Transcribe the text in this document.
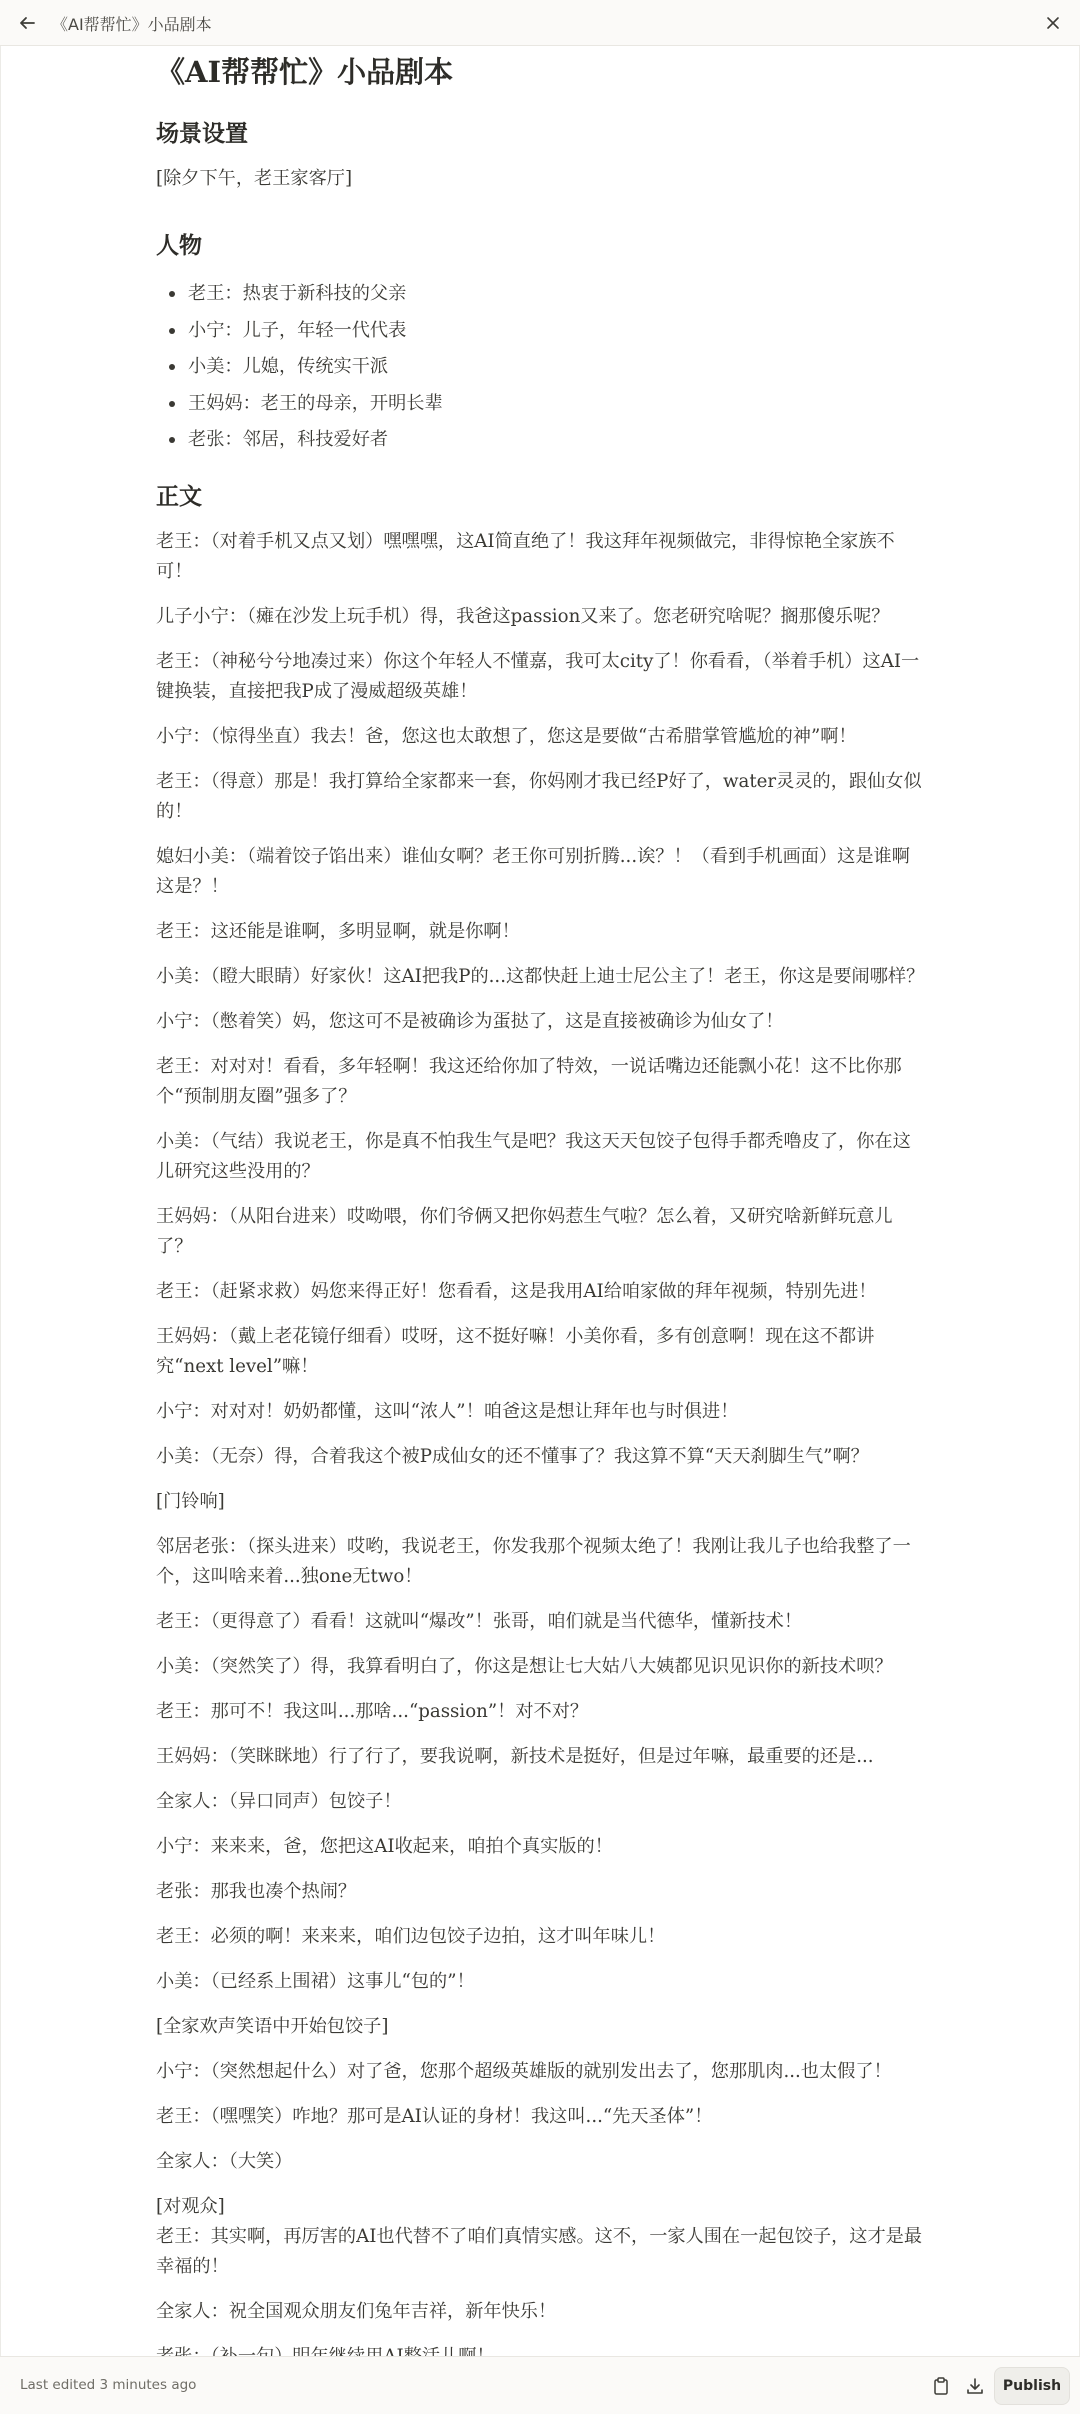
《AI帮帮忙》小品剧本
《AI帮帮忙》小品剧本
场景设置

[除夕下午，老王家客厅]

人物
老王：热衷于新科技的父亲
小宁：儿子，年轻一代代表
小美：儿媳，传统实干派
王妈妈：老王的母亲，开明长辈
老张：邻居，科技爱好者
正文

老王：（对着手机又点又划）嘿嘿嘿，这AI简直绝了！我这拜年视频做完，非得惊艳全家族不可！

儿子小宁：（瘫在沙发上玩手机）得，我爸这passion又来了。您老研究啥呢？搁那傻乐呢？

老王：（神秘兮兮地凑过来）你这个年轻人不懂嘉，我可太city了！你看看，（举着手机）这AI一键换装，直接把我P成了漫威超级英雄！

小宁：（惊得坐直）我去！爸，您这也太敢想了，您这是要做“古希腊掌管尴尬的神”啊！

老王：（得意）那是！我打算给全家都来一套，你妈刚才我已经P好了，water灵灵的，跟仙女似的！

媳妇小美：（端着饺子馅出来）谁仙女啊？老王你可别折腾...诶？！（看到手机画面）这是谁啊这是？！

老王：这还能是谁啊，多明显啊，就是你啊！

小美：（瞪大眼睛）好家伙！这AI把我P的...这都快赶上迪士尼公主了！老王，你这是要闹哪样？

小宁：（憋着笑）妈，您这可不是被确诊为蛋挞了，这是直接被确诊为仙女了！

老王：对对对！看看，多年轻啊！我这还给你加了特效，一说话嘴边还能飘小花！这不比你那个“预制朋友圈”强多了？

小美：（气结）我说老王，你是真不怕我生气是吧？我这天天包饺子包得手都秃噜皮了，你在这儿研究这些没用的？

王妈妈：（从阳台进来）哎呦喂，你们爷俩又把你妈惹生气啦？怎么着，又研究啥新鲜玩意儿了？

老王：（赶紧求救）妈您来得正好！您看看，这是我用AI给咱家做的拜年视频，特别先进！

王妈妈：（戴上老花镜仔细看）哎呀，这不挺好嘛！小美你看，多有创意啊！现在这不都讲究“next level”嘛！

小宁：对对对！奶奶都懂，这叫“浓人”！咱爸这是想让拜年也与时俱进！

小美：（无奈）得，合着我这个被P成仙女的还不懂事了？我这算不算“天天刹脚生气”啊？

[门铃响]

邻居老张：（探头进来）哎哟，我说老王，你发我那个视频太绝了！我刚让我儿子也给我整了一个，这叫啥来着...独one无two！

老王：（更得意了）看看！这就叫“爆改”！张哥，咱们就是当代德华，懂新技术！

小美：（突然笑了）得，我算看明白了，你这是想让七大姑八大姨都见识见识你的新技术呗？

老王：那可不！我这叫...那啥...“passion”！对不对？

王妈妈：（笑眯眯地）行了行了，要我说啊，新技术是挺好，但是过年嘛，最重要的还是...

全家人：（异口同声）包饺子！

小宁：来来来，爸，您把这AI收起来，咱拍个真实版的！

老张：那我也凑个热闹？

老王：必须的啊！来来来，咱们边包饺子边拍，这才叫年味儿！

小美：（已经系上围裙）这事儿“包的”！

[全家欢声笑语中开始包饺子]

小宁：（突然想起什么）对了爸，您那个超级英雄版的就别发出去了，您那肌肉...也太假了！

老王：（嘿嘿笑）咋地？那可是AI认证的身材！我这叫...“先天圣体”！

全家人：（大笑）

[对观众]
老王：其实啊，再厉害的AI也代替不了咱们真情实感。这不，一家人围在一起包饺子，这才是最幸福的！

全家人：祝全国观众朋友们兔年吉祥，新年快乐！

Last edited 3 minutes ago	Publish
